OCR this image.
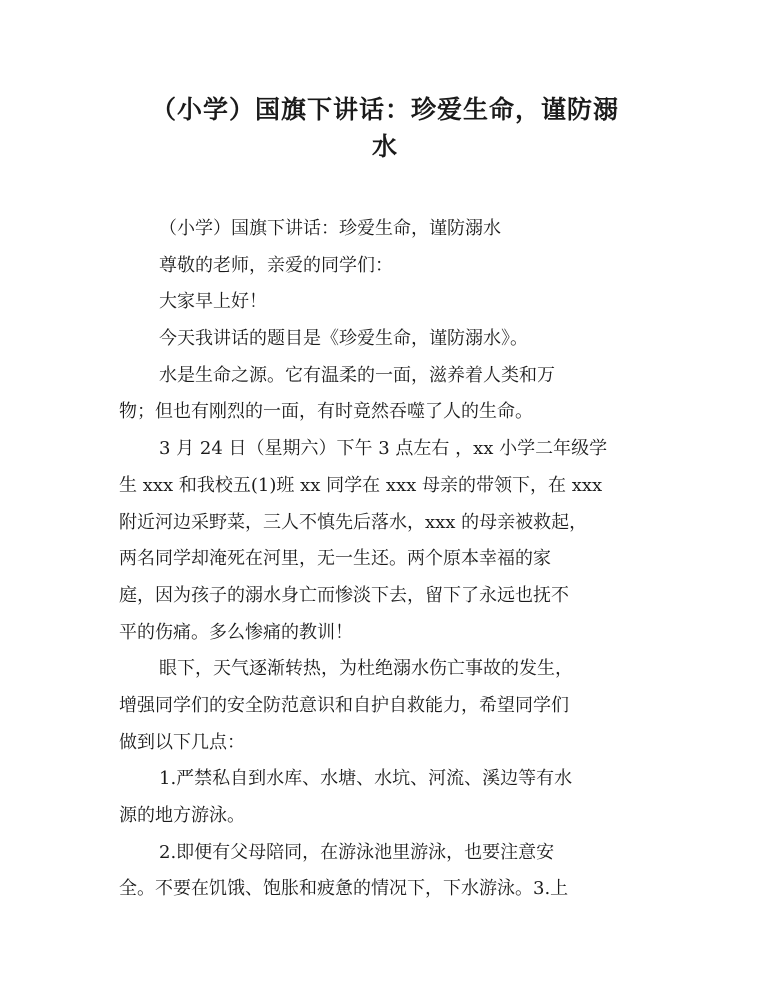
（小学）国旗下讲话：珍爱生命，谨防溺
水
（小学）国旗下讲话：珍爱生命，谨防溺水
尊敬的老师，亲爱的同学们：
大家早上好！
今天我讲话的题目是《珍爱生命，谨防溺水》。
水是生命之源。它有温柔的一面，滋养着人类和万
物；但也有刚烈的一面，有时竟然吞噬了人的生命。
3 月 24 日（星期六）下午 3 点左右 ，xx 小学二年级学
生 xxx 和我校五(1)班 xx 同学在 xxx 母亲的带领下，在 xxx
附近河边采野菜，三人不慎先后落水，xxx 的母亲被救起，
两名同学却淹死在河里，无一生还。两个原本幸福的家
庭，因为孩子的溺水身亡而惨淡下去，留下了永远也抚不
平的伤痛。多么惨痛的教训！
眼下，天气逐渐转热，为杜绝溺水伤亡事故的发生，
增强同学们的安全防范意识和自护自救能力，希望同学们
做到以下几点：
1.严禁私自到水库、水塘、水坑、河流、溪边等有水
源的地方游泳。
2.即便有父母陪同，在游泳池里游泳，也要注意安
全。不要在饥饿、饱胀和疲惫的情况下，下水游泳。3.上
